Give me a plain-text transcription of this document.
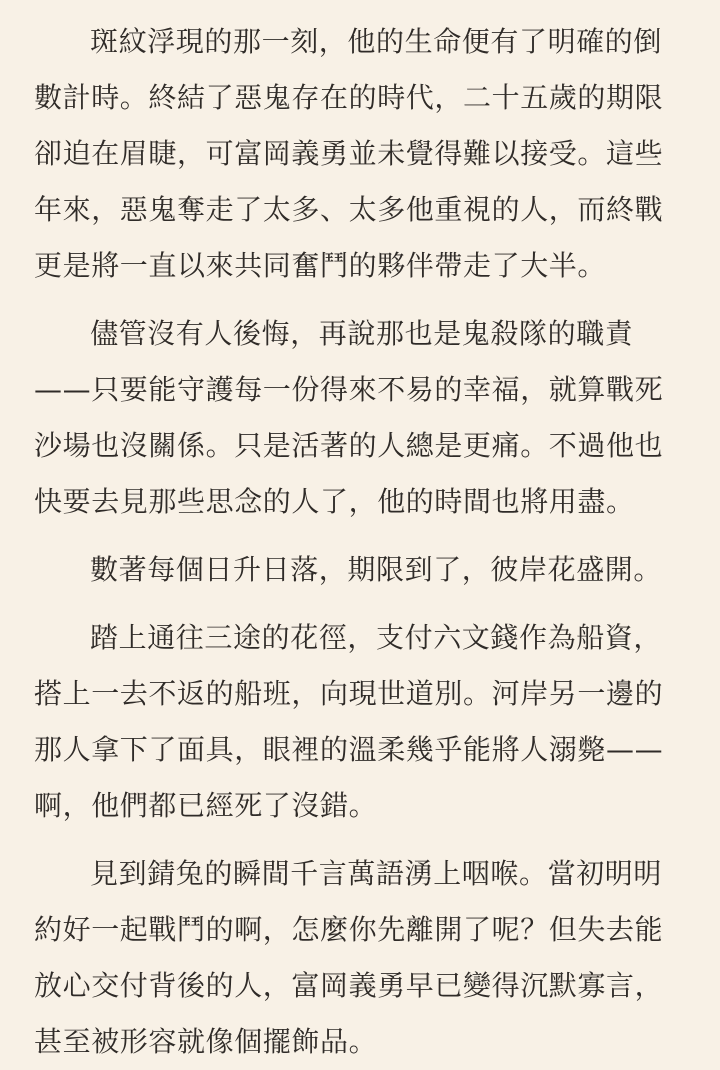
斑紋浮現的那一刻，他的生命便有了明確的倒數計時。終結了惡鬼存在的時代，二十五歲的期限卻迫在眉睫，可富岡義勇並未覺得難以接受。這些年來，惡鬼奪走了太多、太多他重視的人，而終戰更是將一直以來共同奮鬥的夥伴帶走了大半。

儘管沒有人後悔，再說那也是鬼殺隊的職責——只要能守護每一份得來不易的幸福，就算戰死沙場也沒關係。只是活著的人總是更痛。不過他也快要去見那些思念的人了，他的時間也將用盡。

數著每個日升日落，期限到了，彼岸花盛開。

踏上通往三途的花徑，支付六文錢作為船資，搭上一去不返的船班，向現世道別。河岸另一邊的那人拿下了面具，眼裡的溫柔幾乎能將人溺斃——啊，他們都已經死了沒錯。

見到錆兔的瞬間千言萬語湧上咽喉。當初明明約好一起戰鬥的啊，怎麼你先離開了呢？但失去能放心交付背後的人，富岡義勇早已變得沉默寡言，甚至被形容就像個擺飾品。
